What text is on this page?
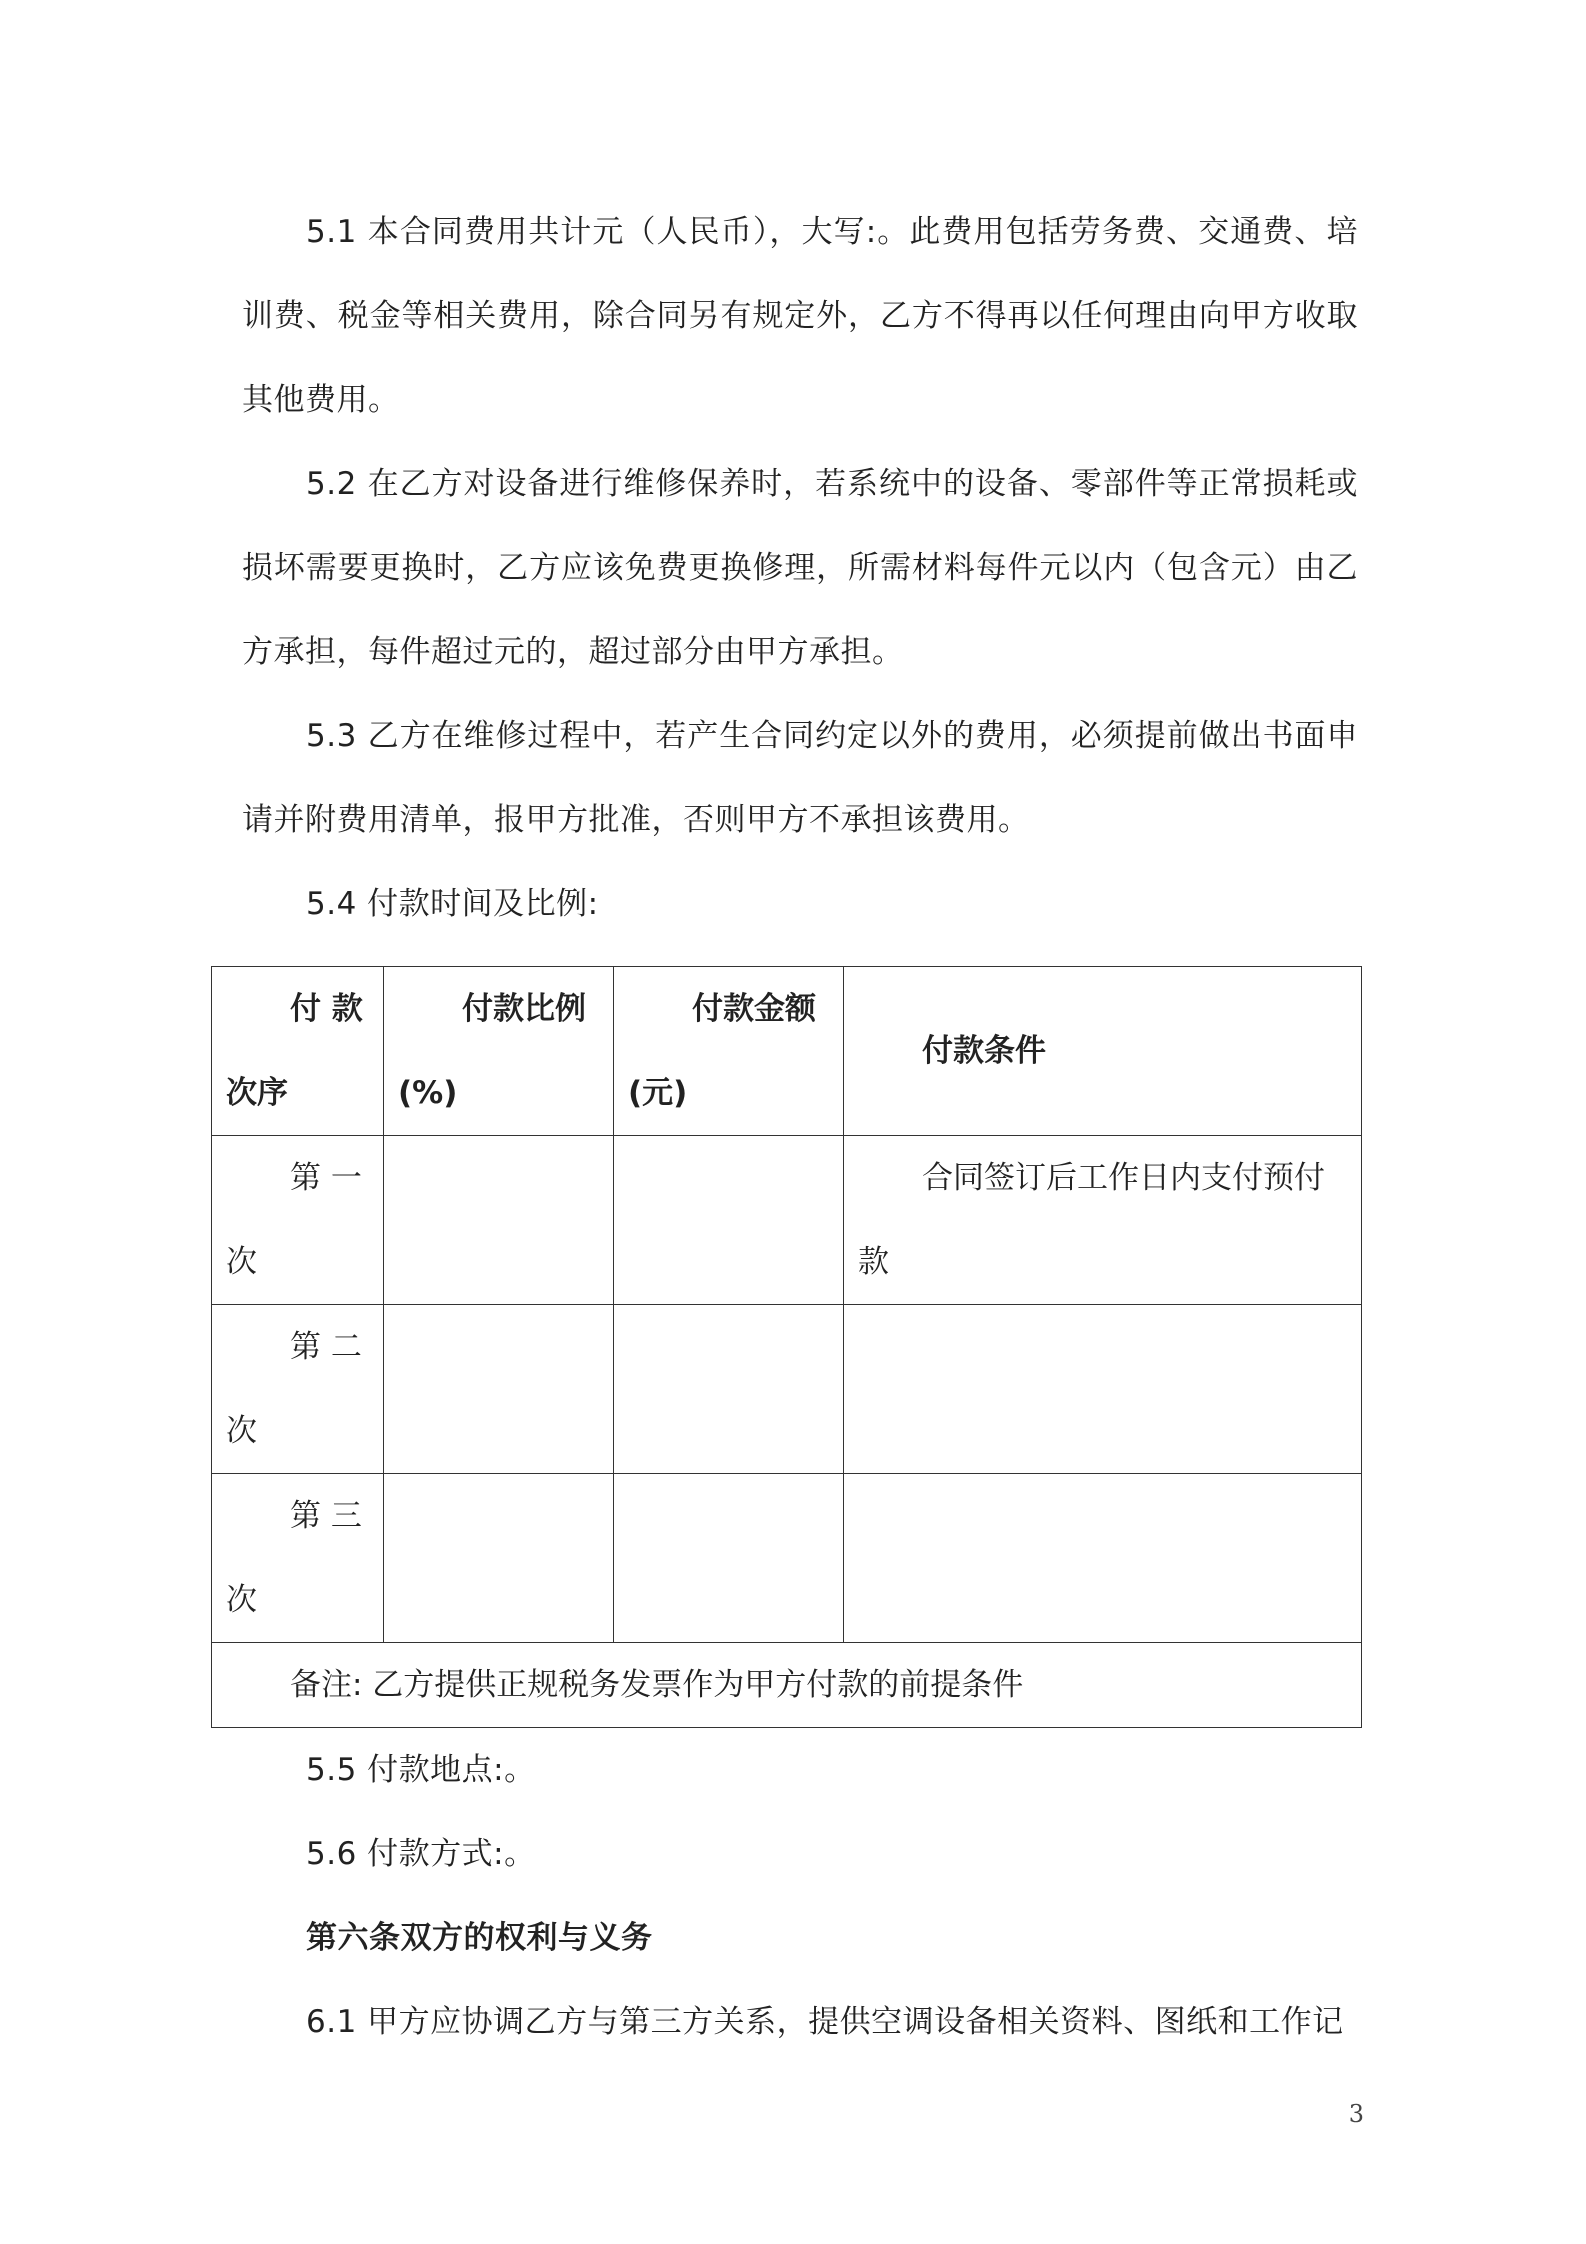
5.1 本合同费用共计元（人民币），大写:。此费用包括劳务费、交通费、培训费、税金等相关费用，除合同另有规定外，乙方不得再以任何理由向甲方收取其他费用。

5.2 在乙方对设备进行维修保养时，若系统中的设备、零部件等正常损耗或损坏需要更换时，乙方应该免费更换修理，所需材料每件元以内（包含元）由乙方承担，每件超过元的，超过部分由甲方承担。

5.3 乙方在维修过程中，若产生合同约定以外的费用，必须提前做出书面申请并附费用清单，报甲方批准，否则甲方不承担该费用。

5.4 付款时间及比例:

付 款次序	付款比例(%)	付款金额(元)	付款条件
第 一次			合同签订后工作日内支付预付款
第 二次			
第 三次			
备注: 乙方提供正规税务发票作为甲方付款的前提条件			

5.5 付款地点:。

5.6 付款方式:。

第六条双方的权利与义务

6.1 甲方应协调乙方与第三方关系，提供空调设备相关资料、图纸和工作记

3
